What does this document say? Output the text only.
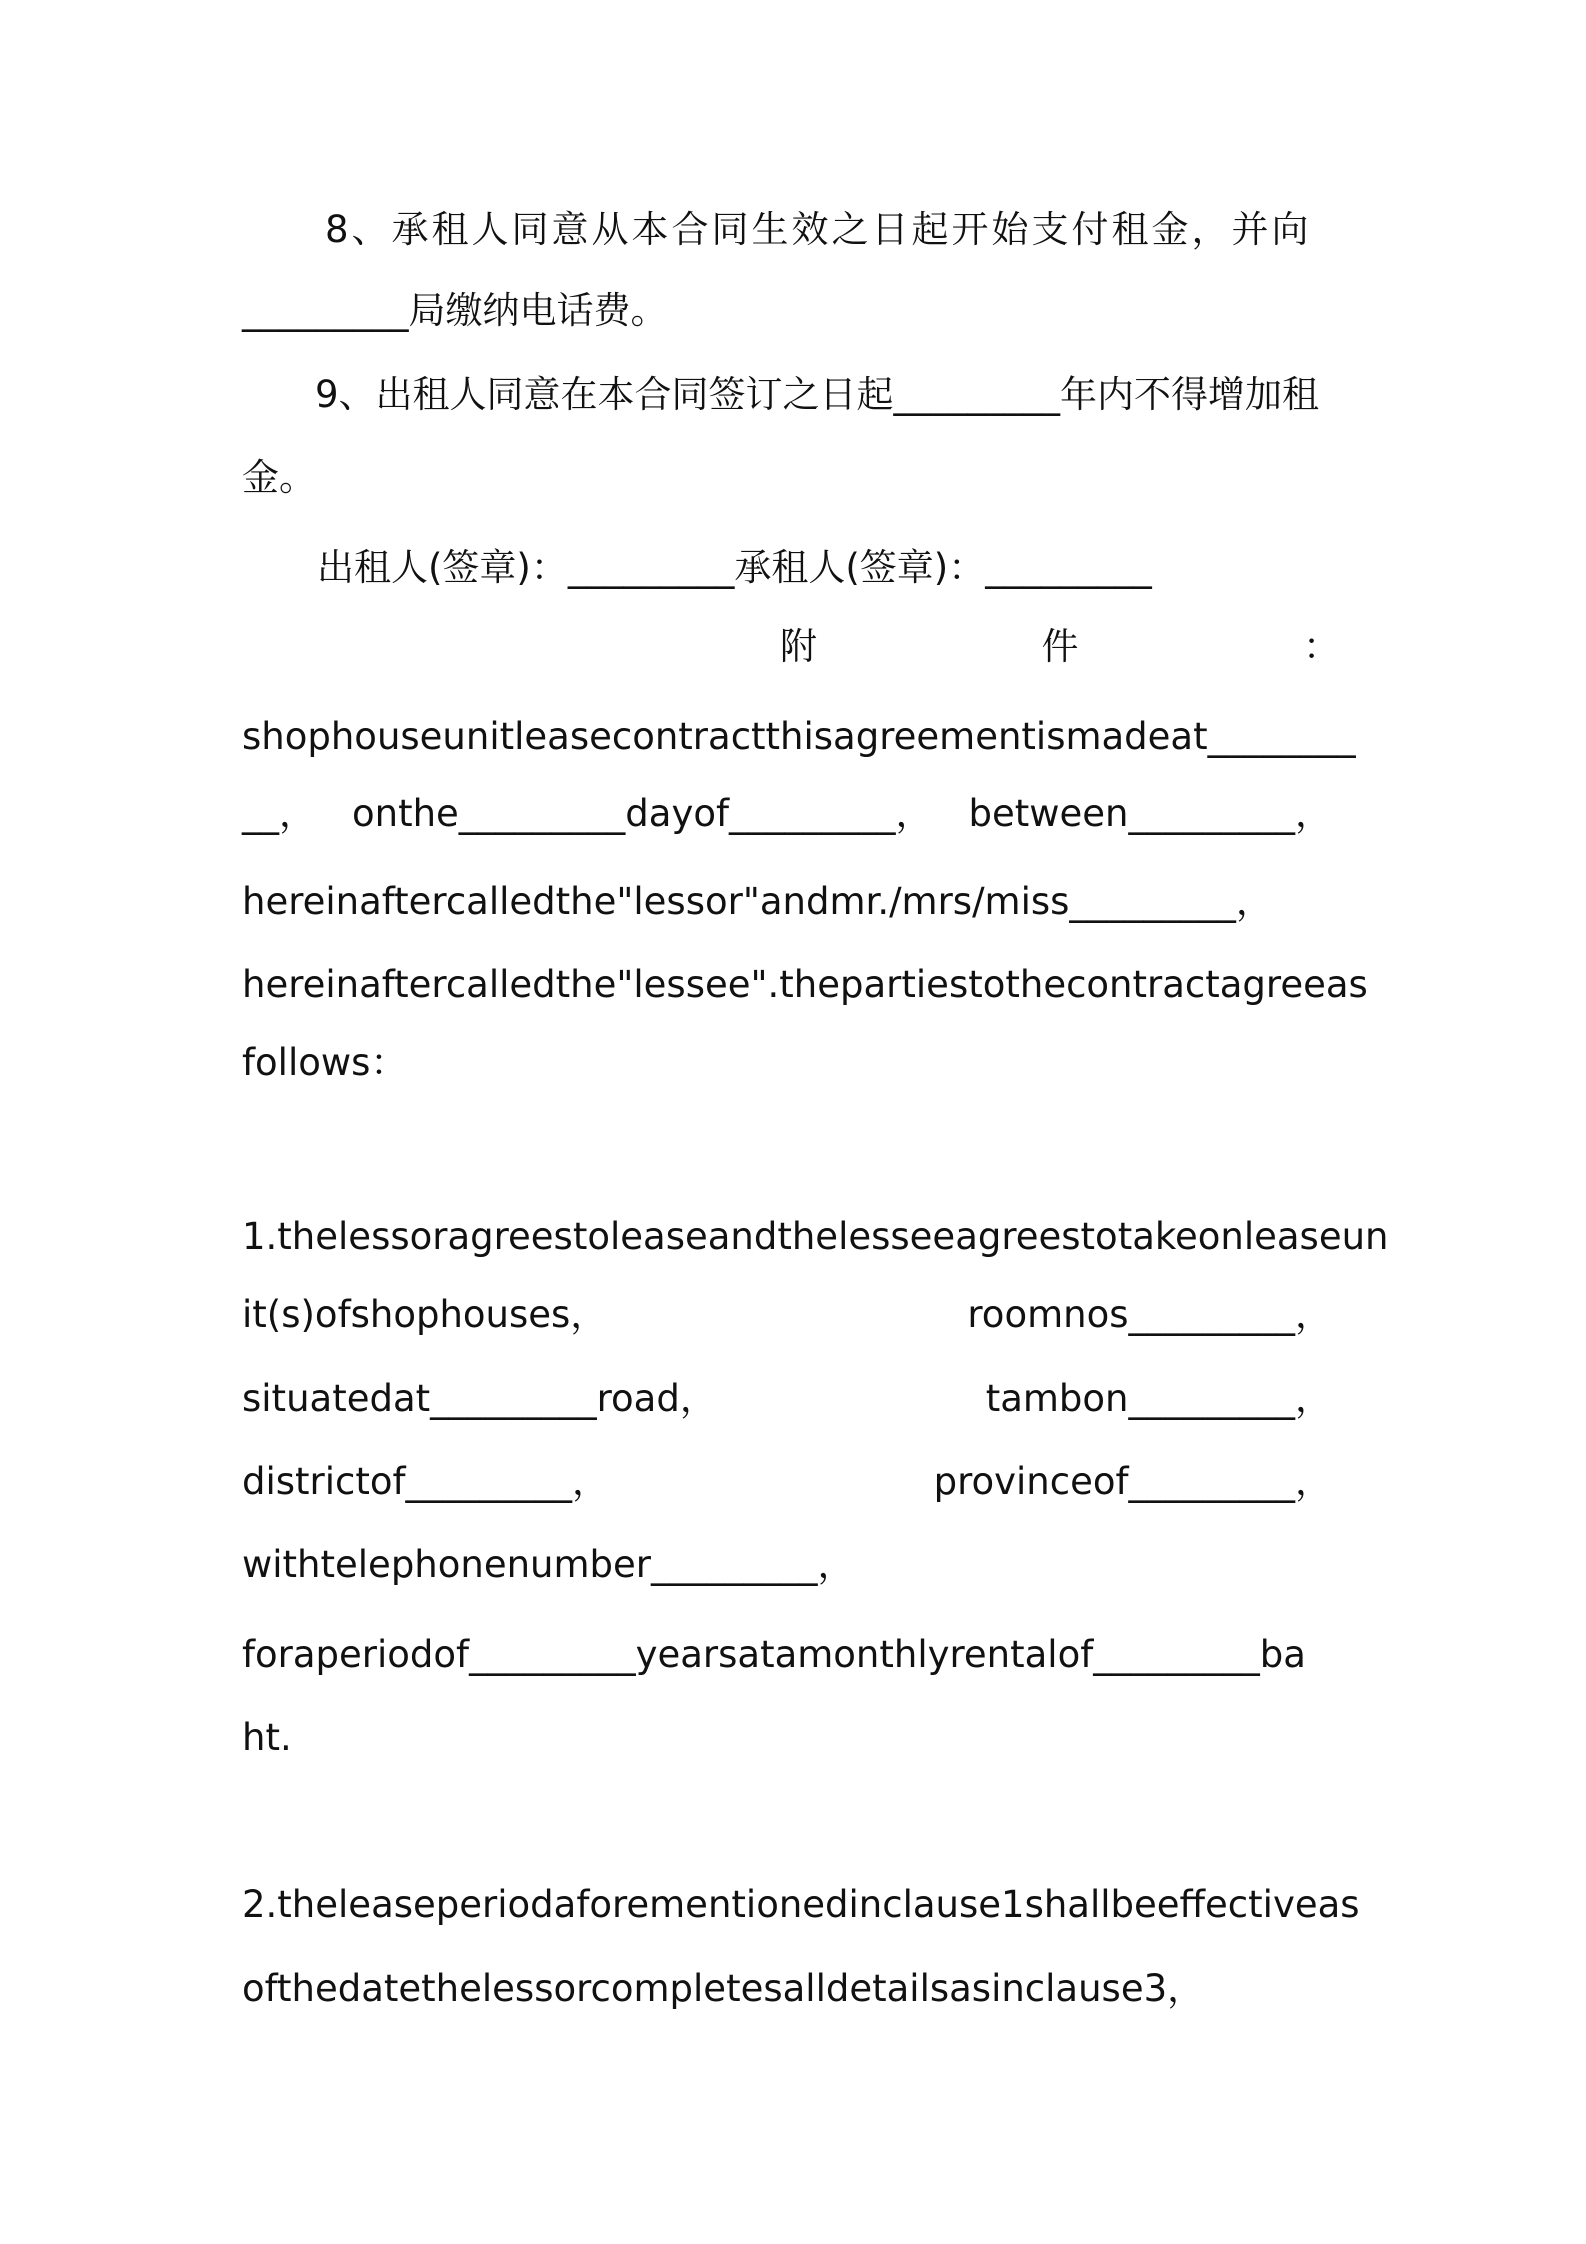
8、承租人同意从本合同生效之日起开始支付租金，并向
_________局缴纳电话费。
9、出租人同意在本合同签订之日起_________年内不得增加租
金。
出租人(签章)：_________承租人(签章)：_________
附	件	：
shophouseunitleasecontractthisagreementismadeat________
__， onthe_________dayof_________， between_________，
hereinaftercalledthe"lessor"andmr./mrs/miss_________，
hereinaftercalledthe"lessee".thepartiestothecontractagreeas
follows：
1.thelessoragreestoleaseandthelesseeagreestotakeonleaseun
it(s)ofshophouses，	roomnos_________，
situatedat_________road，	tambon_________，
districtof_________，	provinceof_________，
withtelephonenumber_________，
foraperiodof_________yearsatamonthlyrentalof_________ba
ht.
2.theleaseperiodaforementionedinclause1shallbeeffectiveas
ofthedatethelessorcompletesalldetailsasinclause3，
